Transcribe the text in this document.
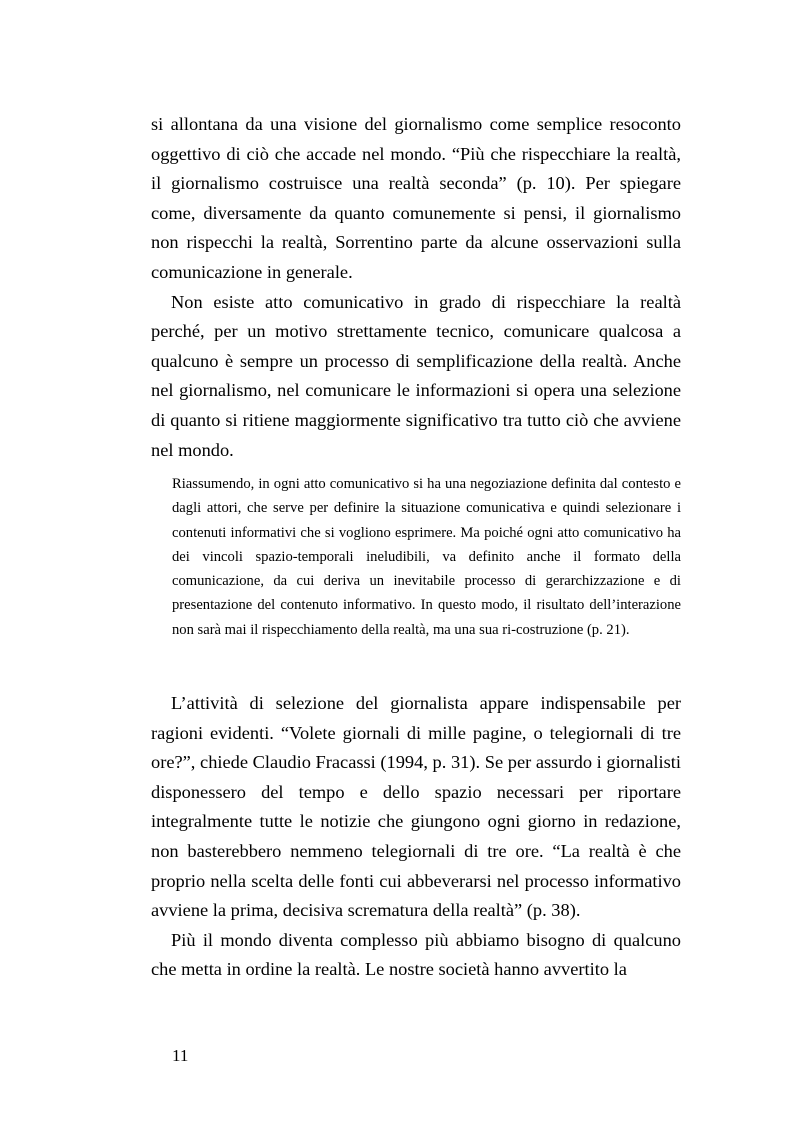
si allontana da una visione del giornalismo come semplice resoconto oggettivo di ciò che accade nel mondo. “Più che rispecchiare la realtà, il giornalismo costruisce una realtà seconda” (p. 10). Per spiegare come, diversamente da quanto comunemente si pensi, il giornalismo non rispecchi la realtà, Sorrentino parte da alcune osservazioni sulla comunicazione in generale.

Non esiste atto comunicativo in grado di rispecchiare la realtà perché, per un motivo strettamente tecnico, comunicare qualcosa a qualcuno è sempre un processo di semplificazione della realtà. Anche nel giornalismo, nel comunicare le informazioni si opera una selezione di quanto si ritiene maggiormente significativo tra tutto ciò che avviene nel mondo.

Riassumendo, in ogni atto comunicativo si ha una negoziazione definita dal contesto e dagli attori, che serve per definire la situazione comunicativa e quindi selezionare i contenuti informativi che si vogliono esprimere. Ma poiché ogni atto comunicativo ha dei vincoli spazio-temporali ineludibili, va definito anche il formato della comunicazione, da cui deriva un inevitabile processo di gerarchizzazione e di presentazione del contenuto informativo. In questo modo, il risultato dell’interazione non sarà mai il rispecchiamento della realtà, ma una sua ri-costruzione (p. 21).

L’attività di selezione del giornalista appare indispensabile per ragioni evidenti. “Volete giornali di mille pagine, o telegiornali di tre ore?”, chiede Claudio Fracassi (1994, p. 31). Se per assurdo i giornalisti disponessero del tempo e dello spazio necessari per riportare integralmente tutte le notizie che giungono ogni giorno in redazione, non basterebbero nemmeno telegiornali di tre ore. “La realtà è che proprio nella scelta delle fonti cui abbeverarsi nel processo informativo avviene la prima, decisiva scrematura della realtà” (p. 38).

Più il mondo diventa complesso più abbiamo bisogno di qualcuno che metta in ordine la realtà. Le nostre società hanno avvertito la

11
